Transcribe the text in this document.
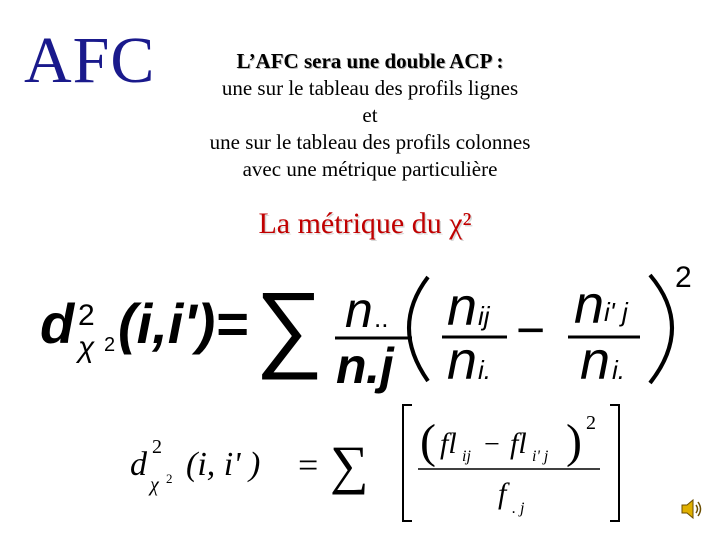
AFC	L’AFC sera une double ACP :
une sur le tableau des profils lignes
et
une sur le tableau des profils colonnes
avec une métrique particulière
La métrique du χ²
d 2
χ 2 (i,i')= ∑ n ..
n .j
n ij
n i.
− n i' j
n i.
2
d 2
χ 2 (i, i' ) = ∑ ( fl ij − fl i' j ) 2
f . j
